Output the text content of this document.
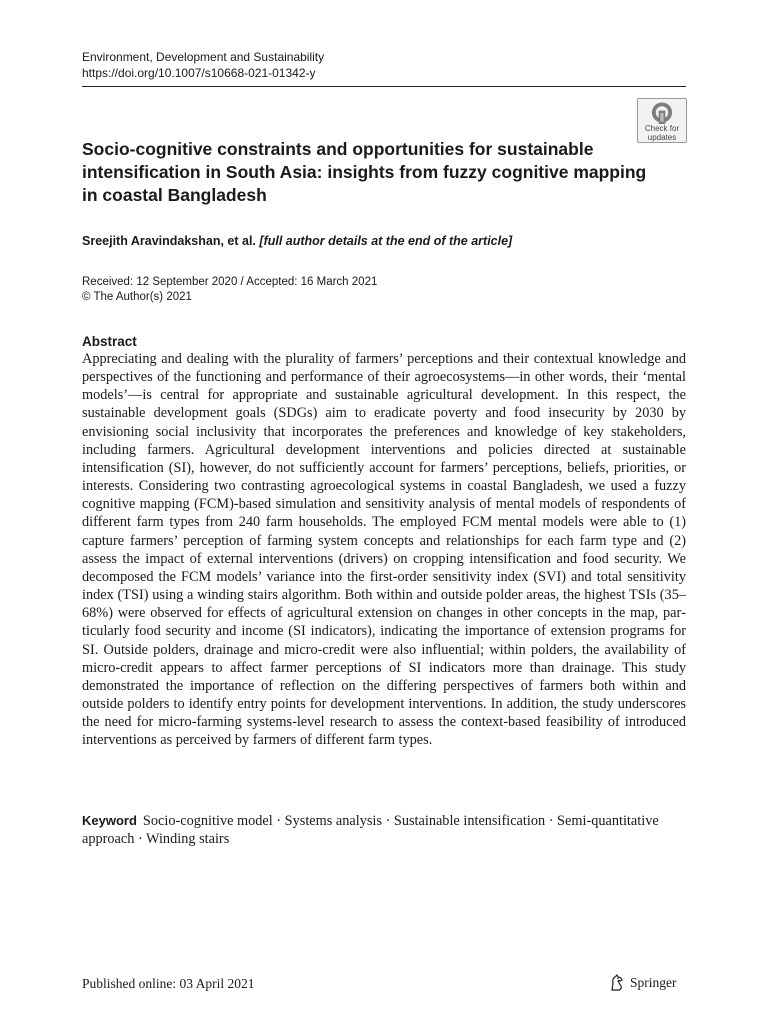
Environment, Development and Sustainability
https://doi.org/10.1007/s10668-021-01342-y
Check for
updates
Socio-cognitive constraints and opportunities for sustainable intensification in South Asia: insights from fuzzy cognitive mapping in coastal Bangladesh
Sreejith Aravindakshan, et al. [full author details at the end of the article]
Received: 12 September 2020 / Accepted: 16 March 2021
© The Author(s) 2021
Abstract
Appreciating and dealing with the plurality of farmers’ perceptions and their contextual knowledge and perspectives of the functioning and performance of their agroecosystems—in other words, their ‘mental models’—is central for appropriate and sustainable agricultural development. In this respect, the sustainable development goals (SDGs) aim to eradicate poverty and food insecurity by 2030 by envisioning social inclusivity that incorporates the preferences and knowledge of key stakeholders, including farmers. Agricultural development interventions and policies directed at sustainable intensification (SI), however, do not sufficiently account for farmers’ perceptions, beliefs, priorities, or interests. Considering two contrasting agroecological systems in coastal Bangladesh, we used a fuzzy cognitive mapping (FCM)-based simulation and sensitivity analysis of mental models of respondents of different farm types from 240 farm households. The employed FCM mental models were able to (1) capture farmers’ perception of farming system concepts and relationships for each farm type and (2) assess the impact of external interventions (drivers) on cropping intensification and food security. We decomposed the FCM models’ variance into the first-order sensitivity index (SVI) and total sensitivity index (TSI) using a winding stairs algorithm. Both within and outside polder areas, the highest TSIs (35–68%) were observed for effects of agricultural extension on changes in other concepts in the map, particularly food security and income (SI indicators), indicating the importance of extension programs for SI. Outside polders, drainage and micro-credit were also influential; within polders, the availability of micro-credit appears to affect farmer perceptions of SI indicators more than drainage. This study demonstrated the importance of reflection on the differing perspectives of farmers both within and outside polders to identify entry points for development interventions. In addition, the study underscores the need for micro-farming systems-level research to assess the context-based feasibility of introduced interventions as perceived by farmers of different farm types.
Keyword Socio-cognitive model · Systems analysis · Sustainable intensification · Semi-quantitative approach · Winding stairs
Published online: 03 April 2021	Springer
